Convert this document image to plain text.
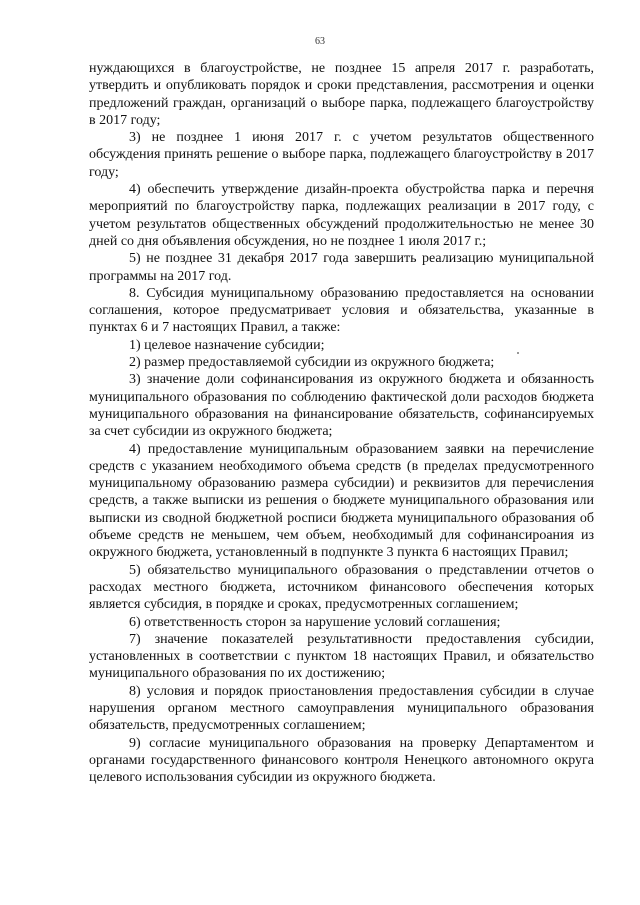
63

нуждающихся в благоустройстве, не позднее 15 апреля 2017 г. разработать, утвердить и опубликовать порядок и сроки представления, рассмотрения и оценки предложений граждан, организаций о выборе парка, подлежащего благоустройству в 2017 году;

3) не позднее 1 июня 2017 г. с учетом результатов общественного обсуждения принять решение о выборе парка, подлежащего благоустройству в 2017 году;

4) обеспечить утверждение дизайн-проекта обустройства парка и перечня мероприятий по благоустройству парка, подлежащих реализации в 2017 году, с учетом результатов общественных обсуждений продолжительностью не менее 30 дней со дня объявления обсуждения, но не позднее 1 июля 2017 г.;

5) не позднее 31 декабря 2017 года завершить реализацию муниципальной программы на 2017 год.

8. Субсидия муниципальному образованию предоставляется на основании соглашения, которое предусматривает условия и обязательства, указанные в пунктах 6 и 7 настоящих Правил, а также:

1) целевое назначение субсидии;

2) размер предоставляемой субсидии из окружного бюджета;

3) значение доли софинансирования из окружного бюджета и обязанность муниципального образования по соблюдению фактической доли расходов бюджета муниципального образования на финансирование обязательств, софинансируемых за счет субсидии из окружного бюджета;

4) предоставление муниципальным образованием заявки на перечисление средств с указанием необходимого объема средств (в пределах предусмотренного муниципальному образованию размера субсидии) и реквизитов для перечисления средств, а также выписки из решения о бюджете муниципального образования или выписки из сводной бюджетной росписи бюджета муниципального образования об объеме средств не меньшем, чем объем, необходимый для софинансироания из окружного бюджета, установленный в подпункте 3 пункта 6 настоящих Правил;

5) обязательство муниципального образования о представлении отчетов о расходах местного бюджета, источником финансового обеспечения которых является субсидия, в порядке и сроках, предусмотренных соглашением;

6) ответственность сторон за нарушение условий соглашения;

7) значение показателей результативности предоставления субсидии, установленных в соответствии с пунктом 18 настоящих Правил, и обязательство муниципального образования по их достижению;

8) условия и порядок приостановления предоставления субсидии в случае нарушения органом местного самоуправления муниципального образования обязательств, предусмотренных соглашением;

9) согласие муниципального образования на проверку Департаментом и органами государственного финансового контроля Ненецкого автономного округа целевого использования субсидии из окружного бюджета.
